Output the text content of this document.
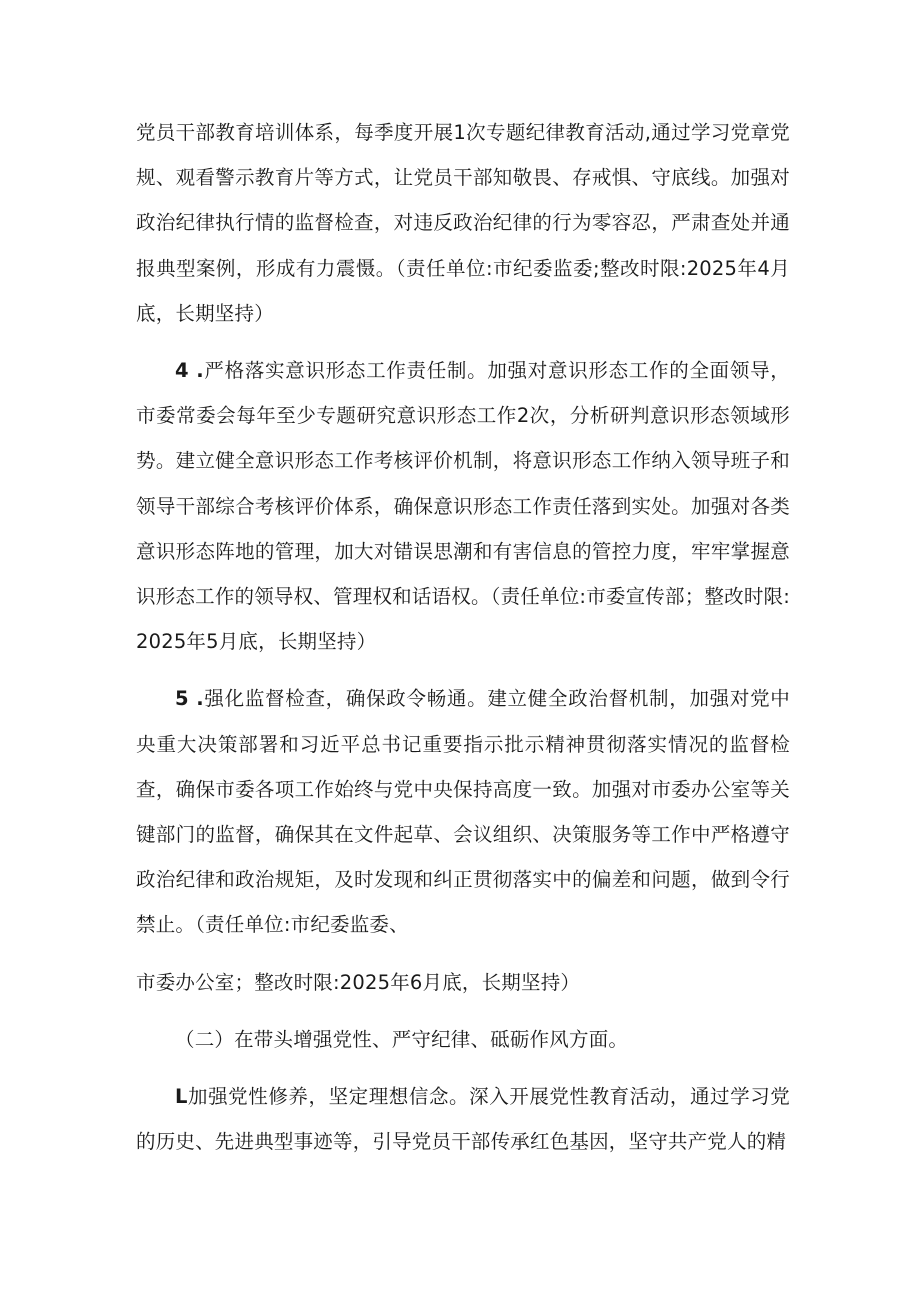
党员干部教育培训体系，每季度开展1次专题纪律教育活动,通过学习党章党规、观看警示教育片等方式，让党员干部知敬畏、存戒惧、守底线。加强对政治纪律执行情的监督检查，对违反政治纪律的行为零容忍，严肃查处并通报典型案例，形成有力震慑。（责任单位:市纪委监委;整改时限:2025年4月底，长期坚持）

4 .严格落实意识形态工作责任制。加强对意识形态工作的全面领导，市委常委会每年至少专题研究意识形态工作2次，分析研判意识形态领域形势。建立健全意识形态工作考核评价机制，将意识形态工作纳入领导班子和领导干部综合考核评价体系，确保意识形态工作责任落到实处。加强对各类意识形态阵地的管理，加大对错误思潮和有害信息的管控力度，牢牢掌握意识形态工作的领导权、管理权和话语权。（责任单位:市委宣传部；整改时限:2025年5月底，长期坚持）

5 .强化监督检查，确保政令畅通。建立健全政治督机制，加强对党中央重大决策部署和习近平总书记重要指示批示精神贯彻落实情况的监督检查，确保市委各项工作始终与党中央保持高度一致。加强对市委办公室等关键部门的监督，确保其在文件起草、会议组织、决策服务等工作中严格遵守政治纪律和政治规矩，及时发现和纠正贯彻落实中的偏差和问题，做到令行禁止。（责任单位:市纪委监委、

市委办公室；整改时限:2025年6月底，长期坚持）

（二）在带头增强党性、严守纪律、砥砺作风方面。

L加强党性修养，坚定理想信念。深入开展党性教育活动，通过学习党的历史、先进典型事迹等，引导党员干部传承红色基因，坚守共产党人的精
